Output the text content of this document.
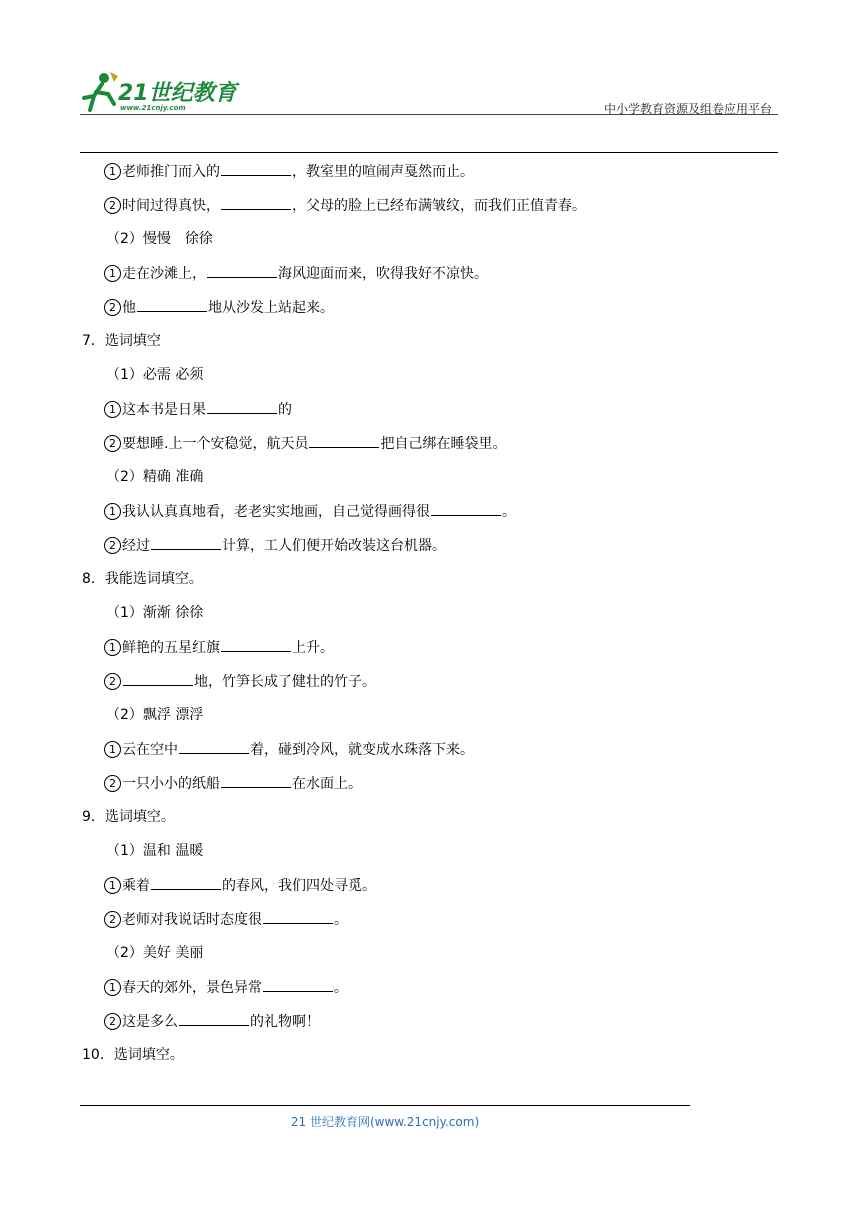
21世纪教育
www.21cnjy.com	中小学教育资源及组卷应用平台
1 老师推门而入的	，教室里的喧闹声戛然而止。
2 时间过得真快，	，父母的脸上已经布满皱纹，而我们正值青春。
（2）慢慢　徐徐
1 走在沙滩上，	海风迎面而来，吹得我好不凉快。
2 他	地从沙发上站起来。
7．选词填空
（1）必需 必须
1 这本书是日果	的
2 要想睡.上一个安稳觉，航天员	把自己绑在睡袋里。
（2）精确 准确
1 我认认真真地看，老老实实地画，自己觉得画得很	。
2 经过	计算，工人们便开始改装这台机器。
8．我能选词填空。
（1）渐渐 徐徐
1 鲜艳的五星红旗	上升。
2	地，竹笋长成了健壮的竹子。
（2）飘浮 漂浮
1 云在空中	着，碰到冷风，就变成水珠落下来。
2 一只小小的纸船	在水面上。
9．选词填空。
（1）温和 温暖
1 乘着	的春风，我们四处寻觅。
2 老师对我说话时态度很	。
（2）美好 美丽
1 春天的郊外，景色异常	。
2 这是多么	的礼物啊！
10．选词填空。
21 世纪教育网(www.21cnjy.com)
